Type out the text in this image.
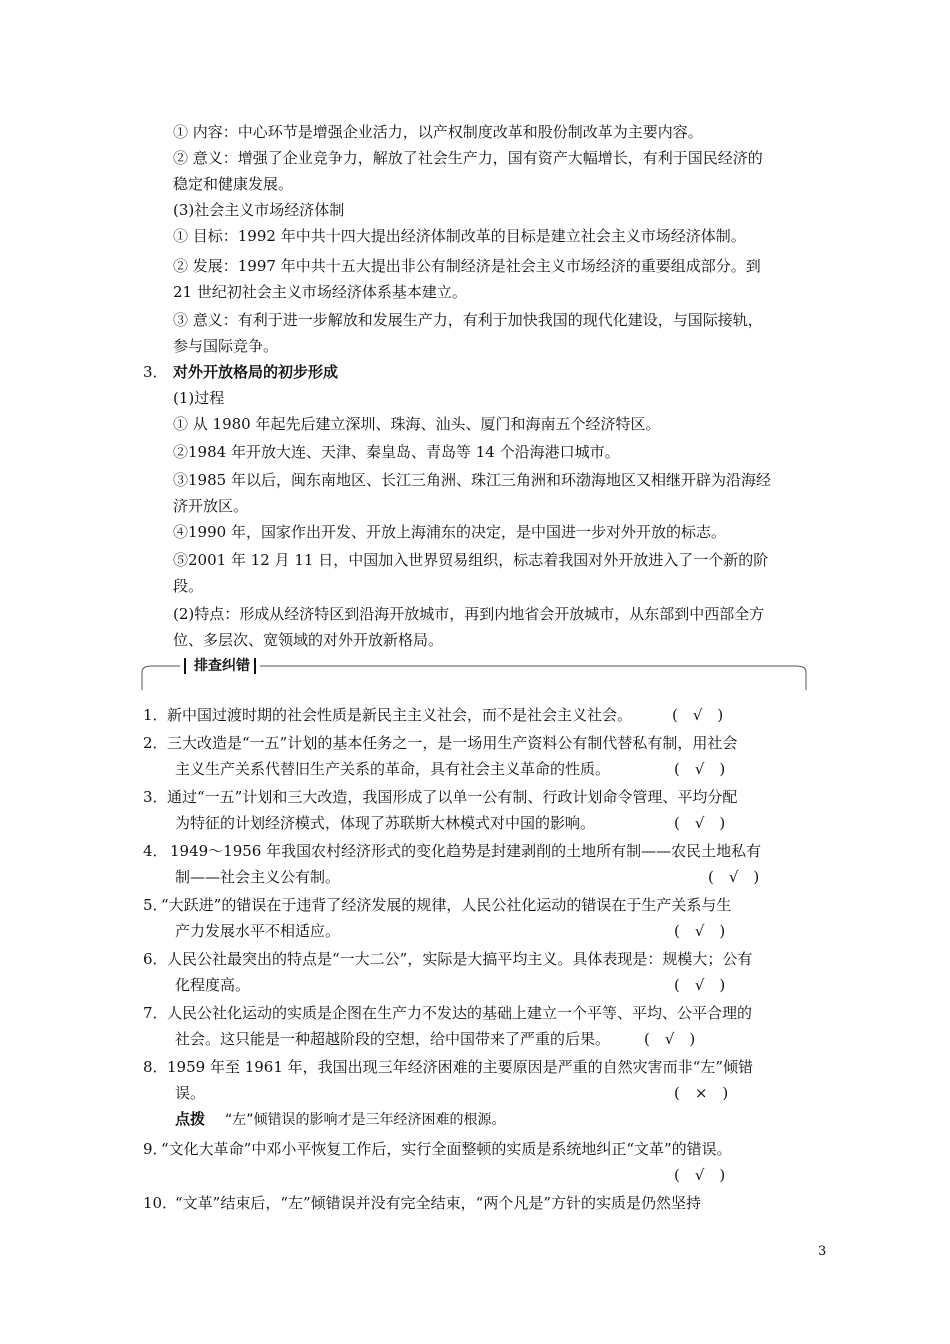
① 内容：中心环节是增强企业活力，以产权制度改革和股份制改革为主要内容。
② 意义：增强了企业竞争力，解放了社会生产力，国有资产大幅增长，有利于国民经济的
稳定和健康发展。
(3)社会主义市场经济体制
① 目标：1992 年中共十四大提出经济体制改革的目标是建立社会主义市场经济体制。
② 发展：1997 年中共十五大提出非公有制经济是社会主义市场经济的重要组成部分。到
21 世纪初社会主义市场经济体系基本建立。
③ 意义：有利于进一步解放和发展生产力，有利于加快我国的现代化建设，与国际接轨，
参与国际竞争。
3． 对外开放格局的初步形成
(1)过程
① 从 1980 年起先后建立深圳、珠海、汕头、厦门和海南五个经济特区。
②1984 年开放大连、天津、秦皇岛、青岛等 14 个沿海港口城市。
③1985 年以后，闽东南地区、长江三角洲、珠江三角洲和环渤海地区又相继开辟为沿海经
济开放区。
④1990 年，国家作出开发、开放上海浦东的决定，是中国进一步对外开放的标志。
⑤2001 年 12 月 11 日，中国加入世界贸易组织，标志着我国对外开放进入了一个新的阶
段。
(2)特点：形成从经济特区到沿海开放城市，再到内地省会开放城市，从东部到中西部全方
位、多层次、宽领域的对外开放新格局。
排查纠错
1． 新中国过渡时期的社会性质是新民主主义社会，而不是社会主义社会。	(　√　)
2． 三大改造是“一五”计划的基本任务之一，是一场用生产资料公有制代替私有制，用社会
主义生产关系代替旧生产关系的革命，具有社会主义革命的性质。	(　√　)
3． 通过“一五”计划和三大改造，我国形成了以单一公有制、行政计划命令管理、平均分配
为特征的计划经济模式，体现了苏联斯大林模式对中国的影响。	(　√　)
4． 1949～1956 年我国农村经济形式的变化趋势是封建剥削的土地所有制——农民土地私有
制——社会主义公有制。	(　√　)
5．
“大跃进”的错误在于违背了经济发展的规律，人民公社化运动的错误在于生产关系与生
产力发展水平不相适应。	(　√　)
6． 人民公社最突出的特点是“一大二公”，实际是大搞平均主义。具体表现是：规模大；公有
化程度高。	(　√　)
7． 人民公社化运动的实质是企图在生产力不发达的基础上建立一个平等、平均、公平合理的
社会。这只能是一种超越阶段的空想，给中国带来了严重的后果。 (　√　)
8． 1959 年至 1961 年，我国出现三年经济困难的主要原因是严重的自然灾害而非“左”倾错
误。	(　×　)
点拨 “左”倾错误的影响才是三年经济困难的根源。
9．
“文化大革命”中邓小平恢复工作后，实行全面整顿的实质是系统地纠正“文革”的错误。
(　√　)
10．
“文革”结束后，“左”倾错误并没有完全结束，“两个凡是”方针的实质是仍然坚持
3
